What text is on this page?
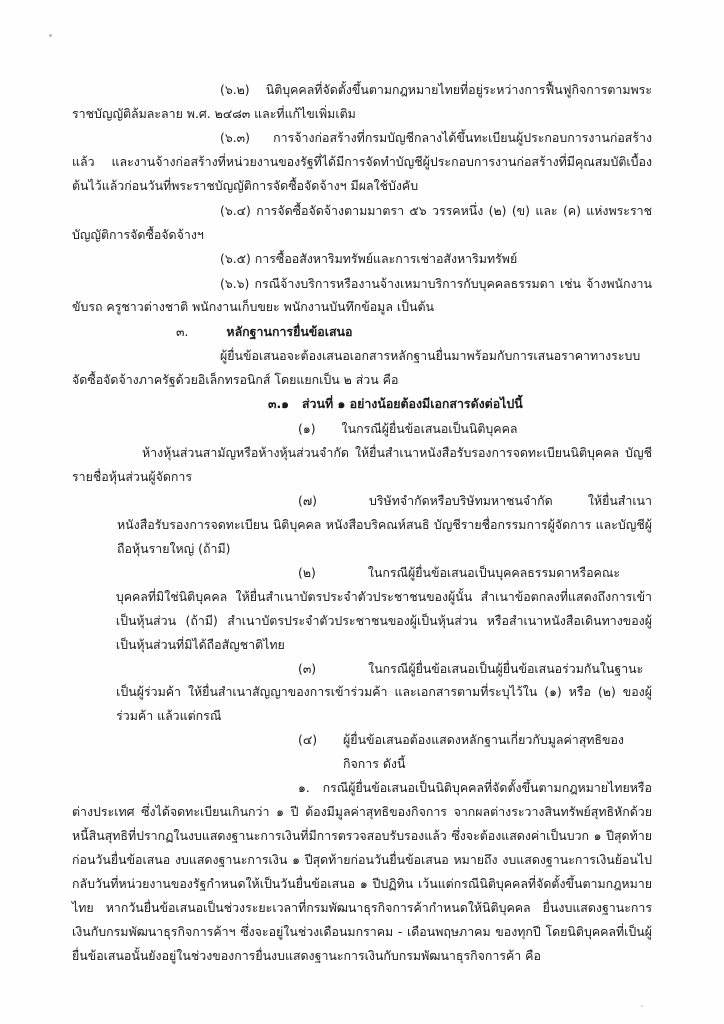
(๖.๒) นิติบุคคลที่จัดตั้งขึ้นตามกฎหมายไทยที่อยู่ระหว่างการฟื้นฟูกิจการตามพระราชบัญญัติล้มละลาย พ.ศ. ๒๔๘๓ และที่แก้ไขเพิ่มเติม

(๖.๓) การจ้างก่อสร้างที่กรมบัญชีกลางได้ขึ้นทะเบียนผู้ประกอบการงานก่อสร้างแล้ว และงานจ้างก่อสร้างที่หน่วยงานของรัฐที่ได้มีการจัดทำบัญชีผู้ประกอบการงานก่อสร้างที่มีคุณสมบัติเบื้องต้นไว้แล้วก่อนวันที่พระราชบัญญัติการจัดซื้อจัดจ้างฯ มีผลใช้บังคับ

(๖.๔) การจัดซื้อจัดจ้างตามมาตรา ๕๖ วรรคหนึ่ง (๒) (ข) และ (ค) แห่งพระราชบัญญัติการจัดซื้อจัดจ้างฯ

(๖.๕) การซื้ออสังหาริมทรัพย์และการเช่าอสังหาริมทรัพย์

(๖.๖) กรณีจ้างบริการหรืองานจ้างเหมาบริการกับบุคคลธรรมดา เช่น จ้างพนักงานขับรถ ครูชาวต่างชาติ พนักงานเก็บขยะ พนักงานบันทึกข้อมูล เป็นต้น

๓.	หลักฐานการยื่นข้อเสนอ

ผู้ยื่นข้อเสนอจะต้องเสนอเอกสารหลักฐานยื่นมาพร้อมกับการเสนอราคาทางระบบจัดซื้อจัดจ้างภาครัฐด้วยอิเล็กทรอนิกส์ โดยแยกเป็น ๒ ส่วน คือ

๓.๑   ส่วนที่ ๑ อย่างน้อยต้องมีเอกสารดังต่อไปนี้

(๑)	ในกรณีผู้ยื่นข้อเสนอเป็นนิติบุคคล

ห้างหุ้นส่วนสามัญหรือห้างหุ้นส่วนจำกัด ให้ยื่นสำเนาหนังสือรับรองการจดทะเบียนนิติบุคคล บัญชีรายชื่อหุ้นส่วนผู้จัดการ

(๗)	บริษัทจำกัดหรือบริษัทมหาชนจำกัด ให้ยื่นสำเนาหนังสือรับรองการจดทะเบียน นิติบุคคล หนังสือบริคณห์สนธิ บัญชีรายชื่อกรรมการผู้จัดการ และบัญชีผู้ถือหุ้นรายใหญ่ (ถ้ามี)
(๒)	ในกรณีผู้ยื่นข้อเสนอเป็นบุคคลธรรมดาหรือคณะบุคคลที่มิใช่นิติบุคคล ให้ยื่นสำเนาบัตรประจำตัวประชาชนของผู้นั้น สำเนาข้อตกลงที่แสดงถึงการเข้าเป็นหุ้นส่วน (ถ้ามี) สำเนาบัตรประจำตัวประชาชนของผู้เป็นหุ้นส่วน หรือสำเนาหนังสือเดินทางของผู้เป็นหุ้นส่วนที่มิได้ถือสัญชาติไทย
(๓)	ในกรณีผู้ยื่นข้อเสนอเป็นผู้ยื่นข้อเสนอร่วมกันในฐานะเป็นผู้ร่วมค้า ให้ยื่นสำเนาสัญญาของการเข้าร่วมค้า และเอกสารตามที่ระบุไว้ใน (๑) หรือ (๒) ของผู้ร่วมค้า แล้วแต่กรณี
(๔)	ผู้ยื่นข้อเสนอต้องแสดงหลักฐานเกี่ยวกับมูลค่าสุทธิของกิจการ ดังนี้

๑. กรณีผู้ยื่นข้อเสนอเป็นนิติบุคคลที่จัดตั้งขึ้นตามกฎหมายไทยหรือต่างประเทศ ซึ่งได้จดทะเบียนเกินกว่า ๑ ปี ต้องมีมูลค่าสุทธิของกิจการ จากผลต่างระวางสินทรัพย์สุทธิหักด้วยหนี้สินสุทธิที่ปรากฏในงบแสดงฐานะการเงินที่มีการตรวจสอบรับรองแล้ว ซึ่งจะต้องแสดงค่าเป็นบวก ๑ ปีสุดท้ายก่อนวันยื่นข้อเสนอ งบแสดงฐานะการเงิน ๑ ปีสุดท้ายก่อนวันยื่นข้อเสนอ หมายถึง งบแสดงฐานะการเงินย้อนไปกลับวันที่หน่วยงานของรัฐกำหนดให้เป็นวันยื่นข้อเสนอ ๑ ปีปฏิทิน เว้นแต่กรณีนิติบุคคลที่จัดตั้งขึ้นตามกฎหมายไทย หากวันยื่นข้อเสนอเป็นช่วงระยะเวลาที่กรมพัฒนาธุรกิจการค้ากำหนดให้นิติบุคคล ยื่นงบแสดงฐานะการเงินกับกรมพัฒนาธุรกิจการค้าฯ ซึ่งจะอยู่ในช่วงเดือนมกราคม - เดือนพฤษภาคม ของทุกปี โดยนิติบุคคลที่เป็นผู้ยื่นข้อเสนอนั้นยังอยู่ในช่วงของการยื่นงบแสดงฐานะการเงินกับกรมพัฒนาธุรกิจการค้า คือ
